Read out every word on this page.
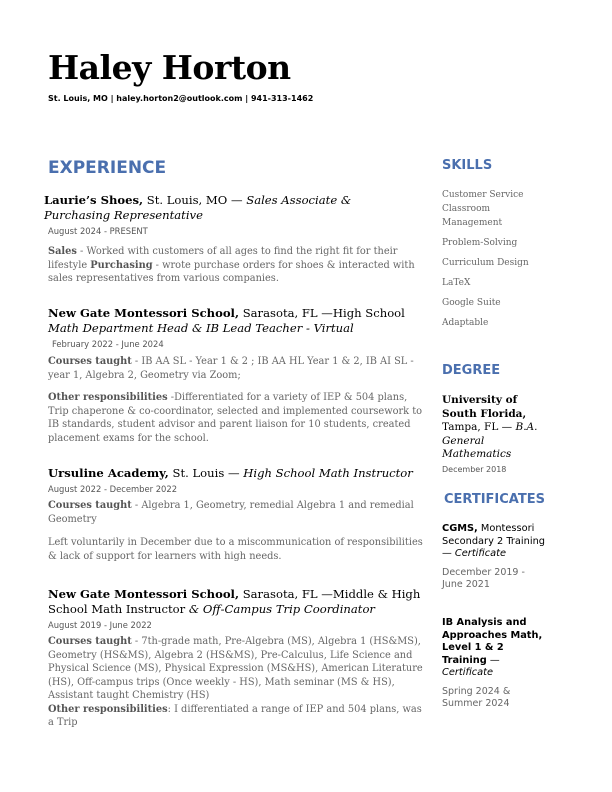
Haley Horton
St. Louis, MO | haley.horton2@outlook.com | 941-313-1462
EXPERIENCE
Laurie’s Shoes, St. Louis, MO — Sales Associate & Purchasing Representative
August 2024 - PRESENT
Sales - Worked with customers of all ages to find the right fit for their lifestyle Purchasing - wrote purchase orders for shoes & interacted with sales representatives from various companies.
New Gate Montessori School, Sarasota, FL —High School
Math Department Head & IB Lead Teacher - Virtual
February 2022 - June 2024
Courses taught - IB AA SL - Year 1 & 2 ; IB AA HL Year 1 & 2, IB AI SL - year 1, Algebra 2, Geometry via Zoom;
Other responsibilities -Differentiated for a variety of IEP & 504 plans, Trip chaperone & co-coordinator, selected and implemented coursework to IB standards, student advisor and parent liaison for 10 students, created placement exams for the school.
Ursuline Academy, St. Louis — High School Math Instructor
August 2022 - December 2022
Courses taught - Algebra 1, Geometry, remedial Algebra 1 and remedial Geometry
Left voluntarily in December due to a miscommunication of responsibilities & lack of support for learners with high needs.
New Gate Montessori School, Sarasota, FL —Middle & High School Math Instructor & Off-Campus Trip Coordinator
August 2019 - June 2022
Courses taught - 7th-grade math, Pre-Algebra (MS), Algebra 1 (HS&MS), Geometry (HS&MS), Algebra 2 (HS&MS), Pre-Calculus, Life Science and Physical Science (MS), Physical Expression (MS&HS), American Literature (HS), Off-campus trips (Once weekly - HS), Math seminar (MS & HS), Assistant taught Chemistry (HS)
Other responsibilities: I differentiated a range of IEP and 504 plans, was a Trip
SKILLS
Customer Service
Classroom Management
Problem-Solving
Curriculum Design
LaTeX
Google Suite
Adaptable
DEGREE
University of South Florida, Tampa, FL — B.A. General Mathematics
December 2018
CERTIFICATES
CGMS, Montessori Secondary 2 Training — Certificate
December 2019 - June 2021
IB Analysis and Approaches Math, Level 1 & 2 Training — Certificate
Spring 2024 & Summer 2024
